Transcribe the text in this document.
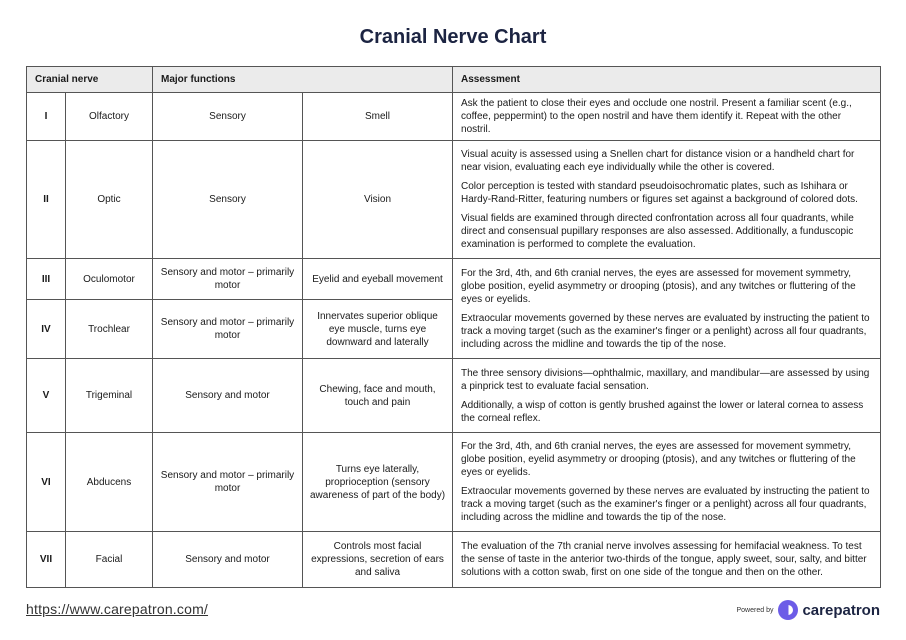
Cranial Nerve Chart
Cranial nerve		Major functions		Assessment
I	Olfactory	Sensory	Smell	Ask the patient to close their eyes and occlude one nostril. Present a familiar scent (e.g., coffee, peppermint) to the open nostril and have them identify it. Repeat with the other nostril.

II	Optic	Sensory	Vision	Visual acuity is assessed using a Snellen chart for distance vision or a handheld chart for near vision, evaluating each eye individually while the other is covered.

Color perception is tested with standard pseudoisochromatic plates, such as Ishihara or Hardy-Rand-Ritter, featuring numbers or figures set against a background of colored dots.

Visual fields are examined through directed confrontation across all four quadrants, while direct and consensual pupillary responses are also assessed. Additionally, a funduscopic examination is performed to complete the evaluation.

III	Oculomotor	Sensory and motor – primarily motor	Eyelid and eyeball movement	For the 3rd, 4th, and 6th cranial nerves, the eyes are assessed for movement symmetry, globe position, eyelid asymmetry or drooping (ptosis), and any twitches or fluttering of the eyes or eyelids.

Extraocular movements governed by these nerves are evaluated by instructing the patient to track a moving target (such as the examiner's finger or a penlight) across all four quadrants, including across the midline and towards the tip of the nose.

IV	Trochlear	Sensory and motor – primarily motor	Innervates superior oblique eye muscle, turns eye downward and laterally	
V	Trigeminal	Sensory and motor	Chewing, face and mouth, touch and pain	The three sensory divisions—ophthalmic, maxillary, and mandibular—are assessed by using a pinprick test to evaluate facial sensation.

Additionally, a wisp of cotton is gently brushed against the lower or lateral cornea to assess the corneal reflex.

VI	Abducens	Sensory and motor – primarily motor	Turns eye laterally, proprioception (sensory awareness of part of the body)	For the 3rd, 4th, and 6th cranial nerves, the eyes are assessed for movement symmetry, globe position, eyelid asymmetry or drooping (ptosis), and any twitches or fluttering of the eyes or eyelids.

Extraocular movements governed by these nerves are evaluated by instructing the patient to track a moving target (such as the examiner's finger or a penlight) across all four quadrants, including across the midline and towards the tip of the nose.

VII	Facial	Sensory and motor	Controls most facial expressions, secretion of ears and saliva	The evaluation of the 7th cranial nerve involves assessing for hemifacial weakness. To test the sense of taste in the anterior two-thirds of the tongue, apply sweet, sour, salty, and bitter solutions with a cotton swab, first on one side of the tongue and then on the other.

https://www.carepatron.com/	Powered by carepatron
